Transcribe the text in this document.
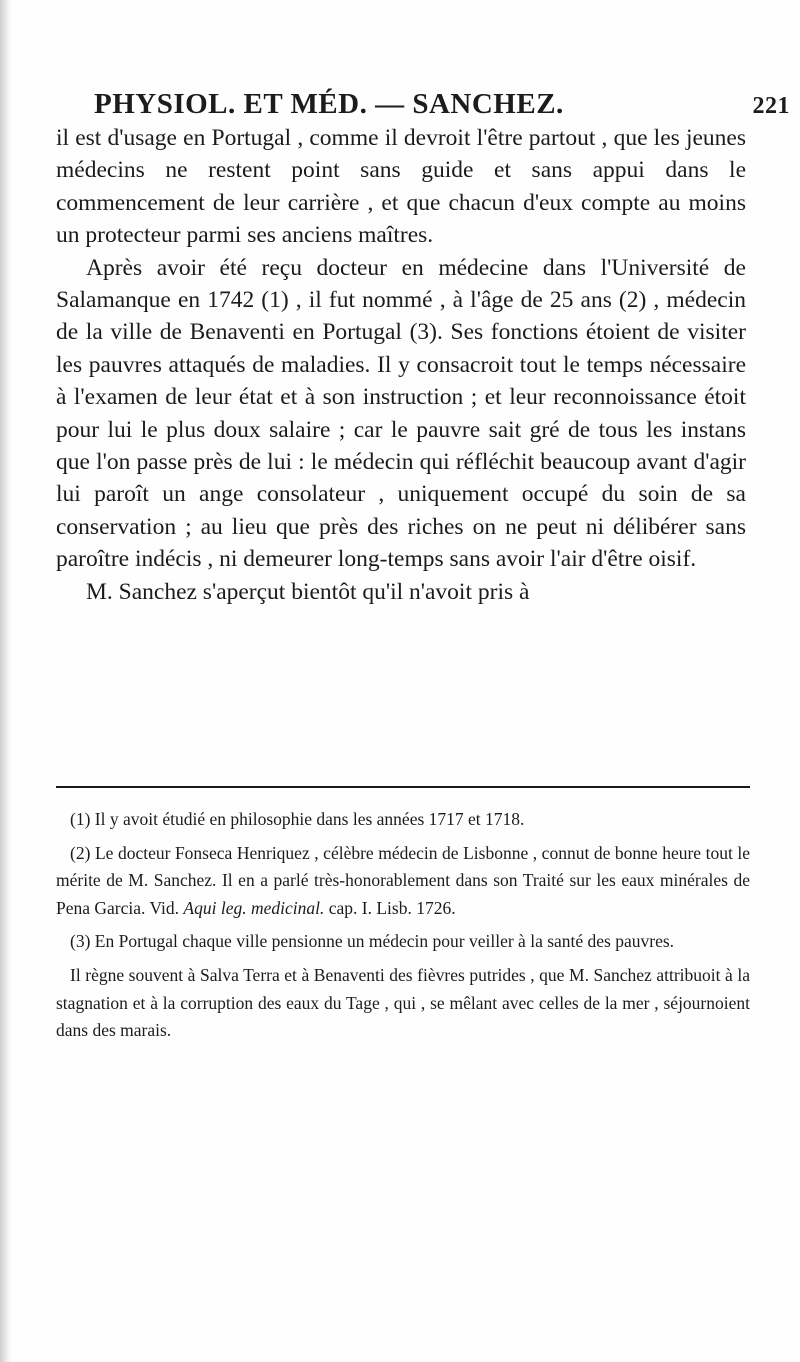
PHYSIOL. ET MÉD. — SANCHEZ.	221

il est d'usage en Portugal , comme il devroit l'être partout , que les jeunes médecins ne restent point sans guide et sans appui dans le commencement de leur carrière , et que chacun d'eux compte au moins un protecteur parmi ses anciens maîtres.

Après avoir été reçu docteur en médecine dans l'Université de Salamanque en 1742 (1) , il fut nommé , à l'âge de 25 ans (2) , médecin de la ville de Benaventi en Portugal (3). Ses fonctions étoient de visiter les pauvres attaqués de maladies. Il y consacroit tout le temps nécessaire à l'examen de leur état et à son instruction ; et leur reconnoissance étoit pour lui le plus doux salaire ; car le pauvre sait gré de tous les instans que l'on passe près de lui : le médecin qui réfléchit beaucoup avant d'agir lui paroît un ange consolateur , uniquement occupé du soin de sa conservation ; au lieu que près des riches on ne peut ni délibérer sans paroître indécis , ni demeurer long-temps sans avoir l'air d'être oisif.

M. Sanchez s'aperçut bientôt qu'il n'avoit pris à

(1) Il y avoit étudié en philosophie dans les années 1717 et 1718.

(2) Le docteur Fonseca Henriquez , célèbre médecin de Lisbonne , connut de bonne heure tout le mérite de M. Sanchez. Il en a parlé très-honorablement dans son Traité sur les eaux minérales de Pena Garcia. Vid. Aqui leg. medicinal. cap. I. Lisb. 1726.

(3) En Portugal chaque ville pensionne un médecin pour veiller à la santé des pauvres.

Il règne souvent à Salva Terra et à Benaventi des fièvres putrides , que M. Sanchez attribuoit à la stagnation et à la corruption des eaux du Tage , qui , se mêlant avec celles de la mer , séjournoient dans des marais.
